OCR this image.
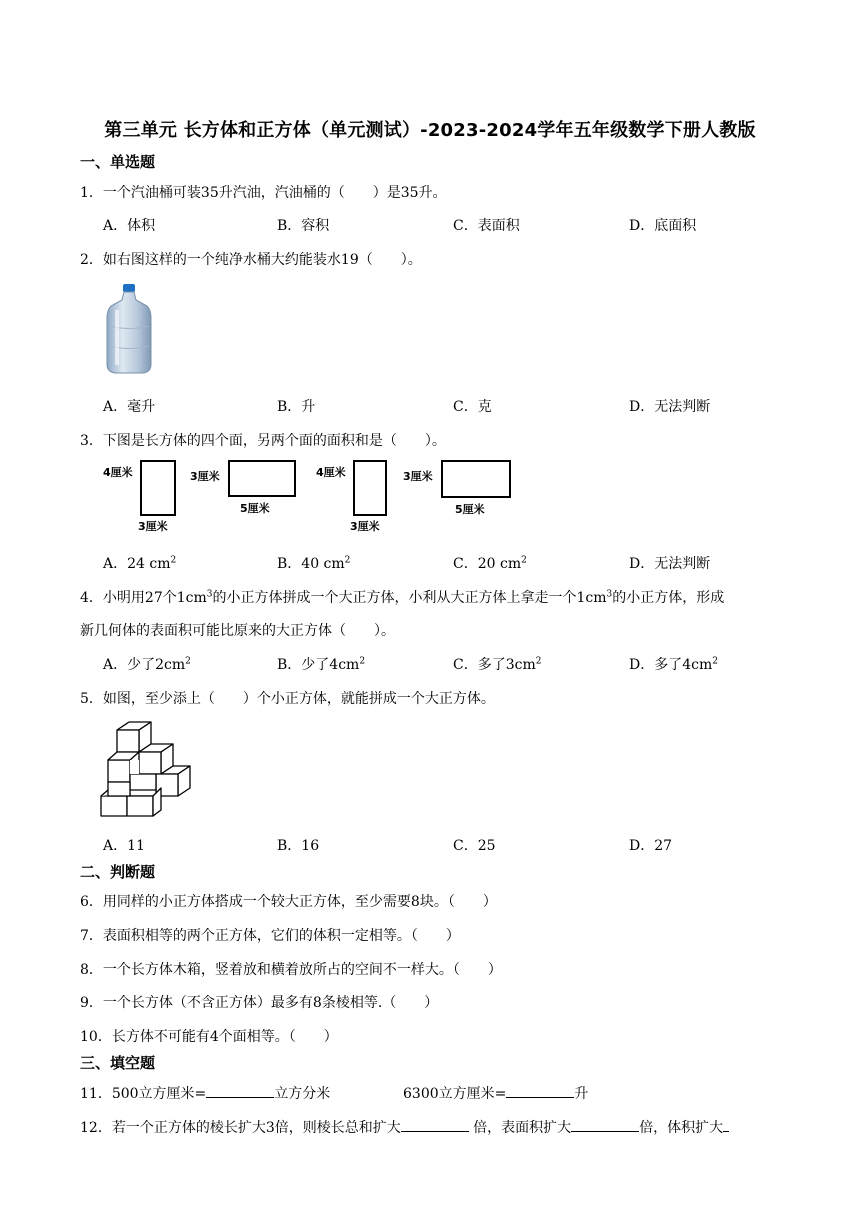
第三单元 长方体和正方体（单元测试）-2023-2024学年五年级数学下册人教版
一、单选题
1．一个汽油桶可装35升汽油，汽油桶的（　　）是35升。
A．体积	B．容积	C．表面积	D．底面积
2．如右图这样的一个纯净水桶大约能装水19（　　）。
A．毫升	B．升	C．克	D．无法判断
3．下图是长方体的四个面，另两个面的面积和是（　　）。
4厘米
3厘米
3厘米
5厘米
4厘米
3厘米
3厘米
5厘米
A．24 $cm^2$	B．40 $cm^2$	C．20 $cm^2$	D．无法判断
4．小明用27个$1cm^3$的小正方体拼成一个大正方体，小利从大正方体上拿走一个$1cm^3$的小正方体，形成
新几何体的表面积可能比原来的大正方体（　　）。
A．少了$2cm^2$	B．少了$4cm^2$	C．多了$3cm^2$	D．多了$4cm^2$
5．如图，至少添上（　　）个小正方体，就能拼成一个大正方体。
A．11	B．16	C．25	D．27
二、判断题
6．用同样的小正方体搭成一个较大正方体，至少需要8块。（　　）
7．表面积相等的两个正方体，它们的体积一定相等。（　　）
8．一个长方体木箱，竖着放和横着放所占的空间不一样大。（　　）
9．一个长方体（不含正方体）最多有8条棱相等.（　　）
10．长方体不可能有4个面相等。（　　）
三、填空题
11．500立方厘米=	立方分米	6300立方厘米=	升
12．若一个正方体的棱长扩大3倍，则棱长总和扩大	倍，表面积扩大	倍，体积扩大
